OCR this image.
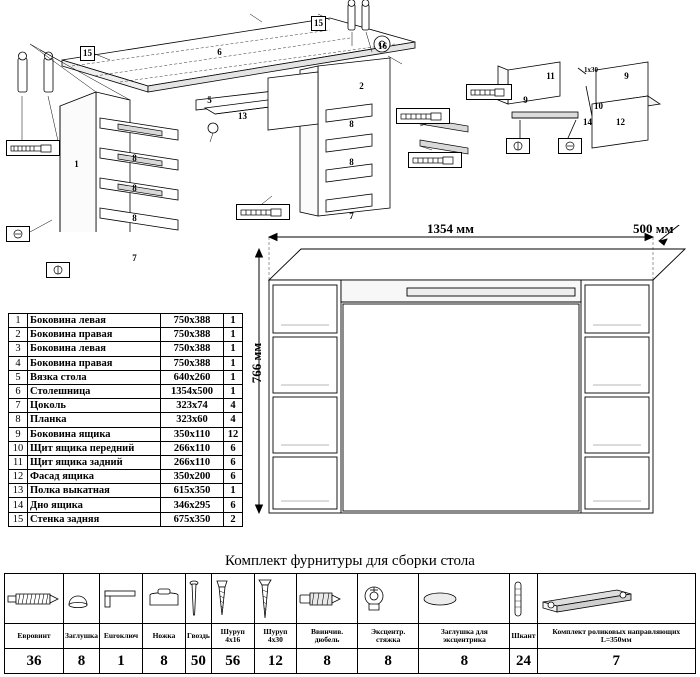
15
15
6
1
2
5
13
8
8
8
7
8
8
7
16
11	9
9
10
12
14
1x30
1354 мм	500 мм
766 мм
1	Боковина левая	750x388	1
2	Боковина правая	750x388	1
3	Боковина левая	750x388	1
4	Боковина правая	750x388	1
5	Вязка стола	640x260	1
6	Столешница	1354x500	1
7	Цоколь	323x74	4
8	Планка	323x60	4
9	Боковина ящика	350x110	12
10	Щит ящика передний	266x110	6
11	Щит ящика задний	266x110	6
12	Фасад ящика	350x200	6
13	Полка выкатная	615x350	1
14	Дно ящика	346x295	6
15	Стенка задняя	675x350	2
Комплект фурнитуры для сборки стола

Евровинт	Заглушка	Euroключ	Ножка	Гвоздь	Шуруп 4x16	Шуруп 4x30	Ввинчив. дюбель	Эксцентр. стяжка	Заглушка для эксцентрика	Шкант	Комплект роликовых направляющих L=350мм
36	8	1	8	50	56	12	8	8	8	24	7
